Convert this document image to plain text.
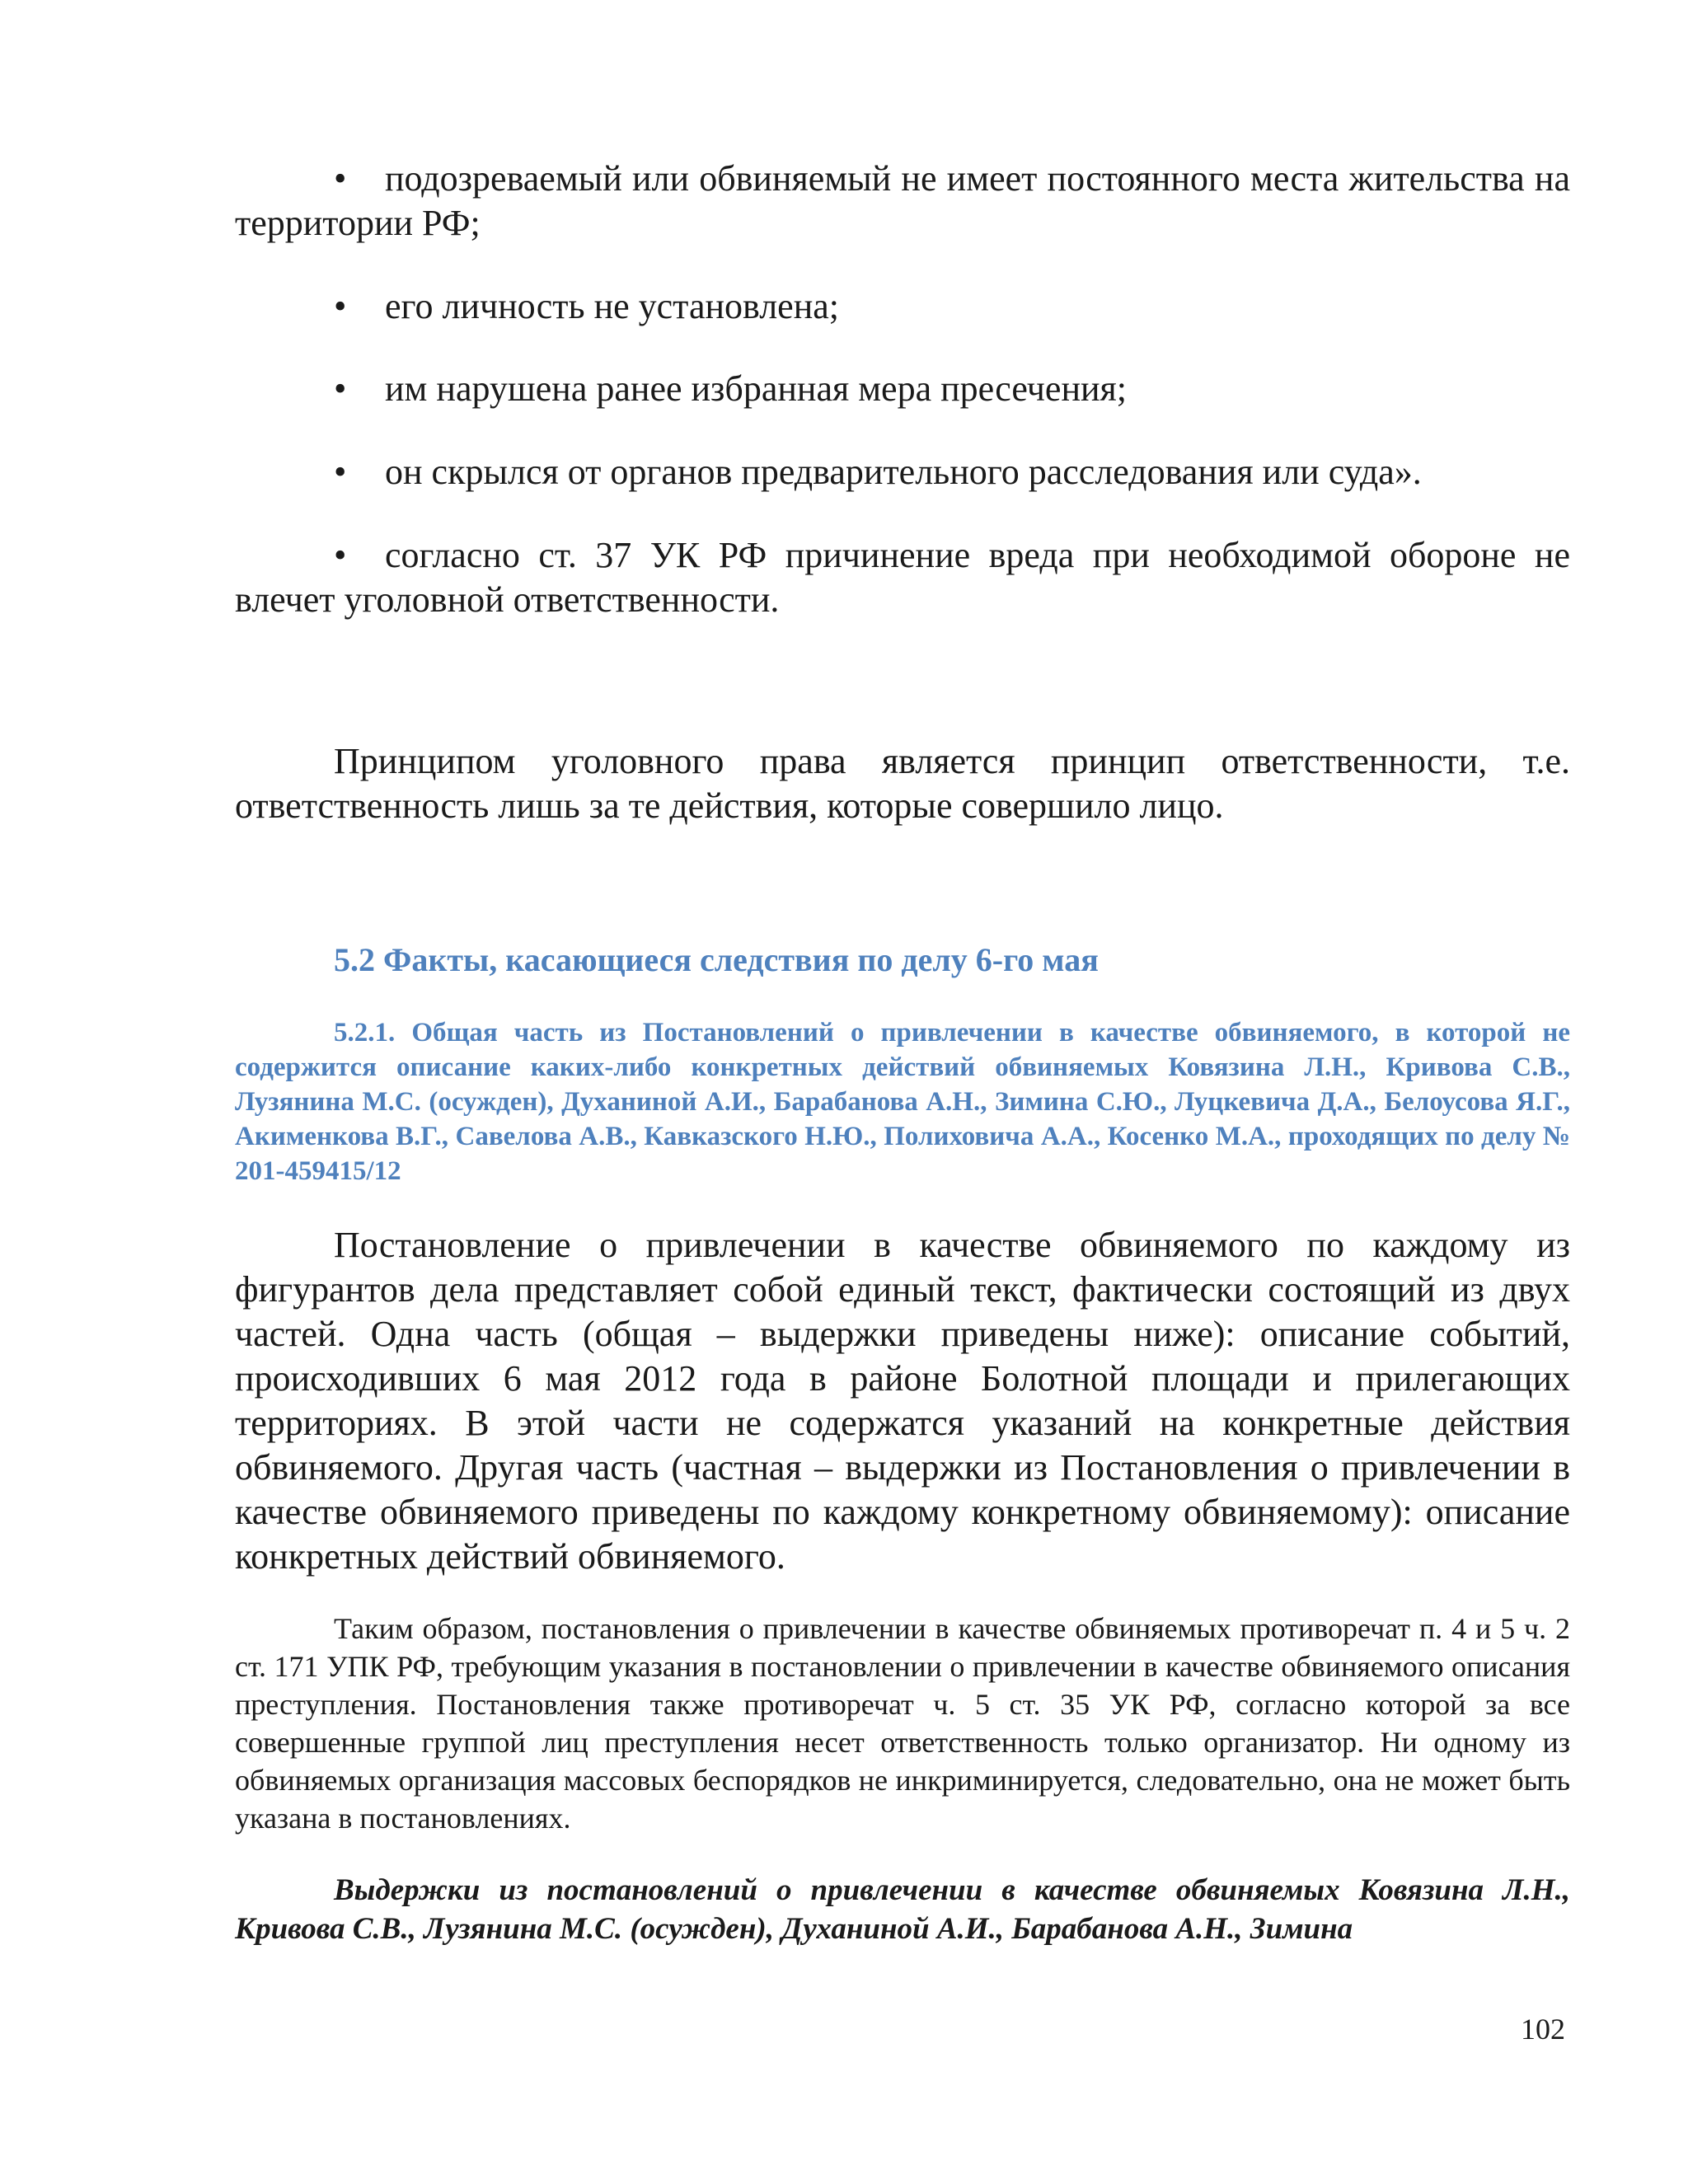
• подозреваемый или обвиняемый не имеет постоянного места жительства на территории РФ;
• его личность не установлена;
• им нарушена ранее избранная мера пресечения;
• он скрылся от органов предварительного расследования или суда».
• согласно ст. 37 УК РФ причинение вреда при необходимой обороне не влечет уголовной ответственности.
Принципом уголовного права является принцип ответственности, т.е. ответственность лишь за те действия, которые совершило лицо.
5.2 Факты, касающиеся следствия по делу 6-го мая
5.2.1. Общая часть из Постановлений о привлечении в качестве обвиняемого, в которой не содержится описание каких-либо конкретных действий обвиняемых Ковязина Л.Н., Кривова С.В., Лузянина М.С. (осужден), Духаниной А.И., Барабанова А.Н., Зимина С.Ю., Луцкевича Д.А., Белоусова Я.Г., Акименкова В.Г., Савелова А.В., Кавказского Н.Ю., Полиховича А.А., Косенко М.А., проходящих по делу № 201-459415/12
Постановление о привлечении в качестве обвиняемого по каждому из фигурантов дела представляет собой единый текст, фактически состоящий из двух частей. Одна часть (общая – выдержки приведены ниже): описание событий, происходивших 6 мая 2012 года в районе Болотной площади и прилегающих территориях. В этой части не содержатся указаний на конкретные действия обвиняемого. Другая часть (частная – выдержки из Постановления о привлечении в качестве обвиняемого приведены по каждому конкретному обвиняемому): описание конкретных действий обвиняемого.
Таким образом, постановления о привлечении в качестве обвиняемых противоречат п. 4 и 5 ч. 2 ст. 171 УПК РФ, требующим указания в постановлении о привлечении в качестве обвиняемого описания преступления. Постановления также противоречат ч. 5 ст. 35 УК РФ, согласно которой за все совершенные группой лиц преступления несет ответственность только организатор. Ни одному из обвиняемых организация массовых беспорядков не инкриминируется, следовательно, она не может быть указана в постановлениях.
Выдержки из постановлений о привлечении в качестве обвиняемых Ковязина Л.Н., Кривова С.В., Лузянина М.С. (осужден), Духаниной А.И., Барабанова А.Н., Зимина
102
